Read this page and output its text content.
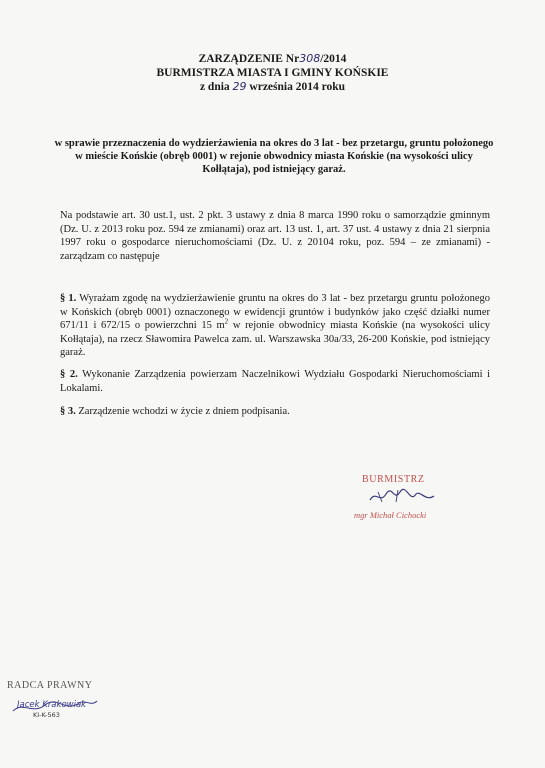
ZARZĄDZENIE Nr308/2014
BURMISTRZA MIASTA I GMINY KOŃSKIE
z dnia 29 września 2014 roku
w sprawie przeznaczenia do wydzierżawienia na okres do 3 lat - bez przetargu, gruntu położonego w mieście Końskie (obręb 0001) w rejonie obwodnicy miasta Końskie (na wysokości ulicy Kołłątaja), pod istniejący garaż.
Na podstawie art. 30 ust.1, ust. 2 pkt. 3 ustawy z dnia 8 marca 1990 roku o samorządzie gminnym (Dz. U. z 2013 roku poz. 594 ze zmianami) oraz art. 13 ust. 1, art. 37 ust. 4 ustawy z dnia 21 sierpnia 1997 roku o gospodarce nieruchomościami (Dz. U. z 20104 roku, poz. 594 – ze zmianami) - zarządzam co następuje
§ 1. Wyrażam zgodę na wydzierżawienie gruntu na okres do 3 lat - bez przetargu gruntu położonego w Końskich (obręb 0001) oznaczonego w ewidencji gruntów i budynków jako część działki numer 671/11 i 672/15 o powierzchni 15 $m^2$ w rejonie obwodnicy miasta Końskie (na wysokości ulicy Kołłątaja), na rzecz Sławomira Pawelca zam. ul. Warszawska 30a/33, 26-200 Końskie, pod istniejący garaż.
§ 2. Wykonanie Zarządzenia powierzam Naczelnikowi Wydziału Gospodarki Nieruchomościami i Lokalami.
§ 3. Zarządzenie wchodzi w życie z dniem podpisania.
BURMISTRZ
mgr Michał Cichocki
RADCA PRAWNY
Jacek Krakowiak
KI-K-563
